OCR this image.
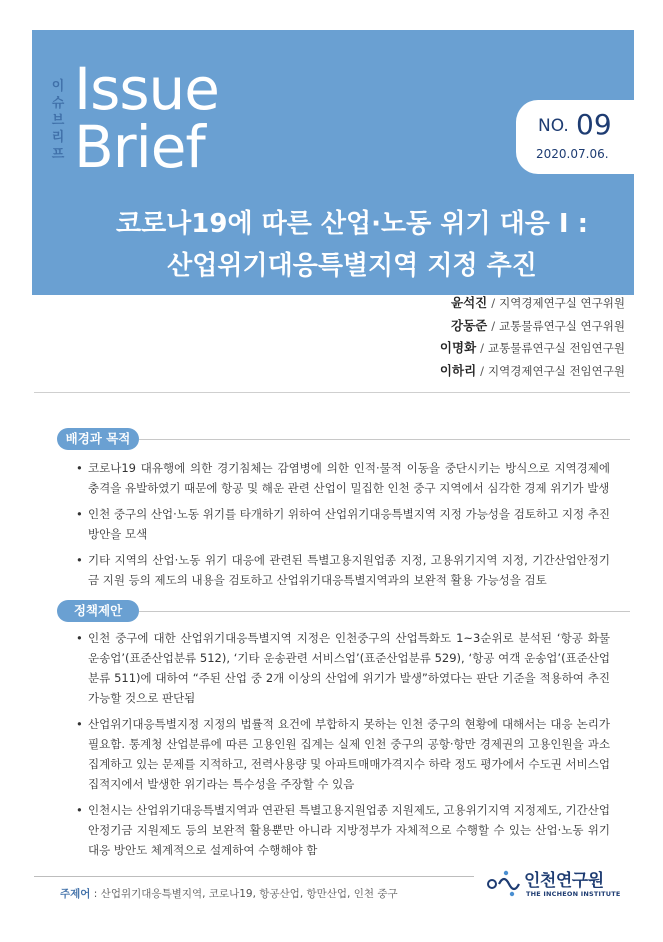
이
슈
브
리
프
Issue
Brief	NO. 09
2020.07.06.
코로나19에 따른 산업·노동 위기 대응 I :
산업위기대응특별지역 지정 추진
윤석진 / 지역경제연구실 연구위원
강동준 / 교통물류연구실 연구위원
이명화 / 교통물류연구실 전임연구원
이하리 / 지역경제연구실 전임연구원
배경과 목적
• 코로나19 대유행에 의한 경기침체는 감염병에 의한 인적·물적 이동을 중단시키는 방식으로 지역경제에 충격을 유발하였기 때문에 항공 및 해운 관련 산업이 밀집한 인천 중구 지역에서 심각한 경제 위기가 발생
• 인천 중구의 산업·노동 위기를 타개하기 위하여 산업위기대응특별지역 지정 가능성을 검토하고 지정 추진 방안을 모색
• 기타 지역의 산업·노동 위기 대응에 관련된 특별고용지원업종 지정, 고용위기지역 지정, 기간산업안정기금 지원 등의 제도의 내용을 검토하고 산업위기대응특별지역과의 보완적 활용 가능성을 검토
정책제안
• 인천 중구에 대한 산업위기대응특별지역 지정은 인천중구의 산업특화도 1~3순위로 분석된 ‘항공 화물 운송업’(표준산업분류 512), ‘기타 운송관련 서비스업’(표준산업분류 529), ‘항공 여객 운송업’(표준산업분류 511)에 대하여 “주된 산업 중 2개 이상의 산업에 위기가 발생”하였다는 판단 기준을 적용하여 추진 가능할 것으로 판단됨
• 산업위기대응특별지정 지정의 법률적 요건에 부합하지 못하는 인천 중구의 현황에 대해서는 대응 논리가 필요함. 통계청 산업분류에 따른 고용인원 집계는 실제 인천 중구의 공항·항만 경제권의 고용인원을 과소 집계하고 있는 문제를 지적하고, 전력사용량 및 아파트매매가격지수 하락 정도 평가에서 수도권 서비스업 집적지에서 발생한 위기라는 특수성을 주장할 수 있음
• 인천시는 산업위기대응특별지역과 연관된 특별고용지원업종 지원제도, 고용위기지역 지정제도, 기간산업안정기금 지원제도 등의 보완적 활용뿐만 아니라 지방정부가 자체적으로 수행할 수 있는 산업·노동 위기 대응 방안도 체계적으로 설계하여 수행해야 함
주제어 : 산업위기대응특별지역, 코로나19, 항공산업, 항만산업, 인천 중구
인천연구원
THE INCHEON INSTITUTE
